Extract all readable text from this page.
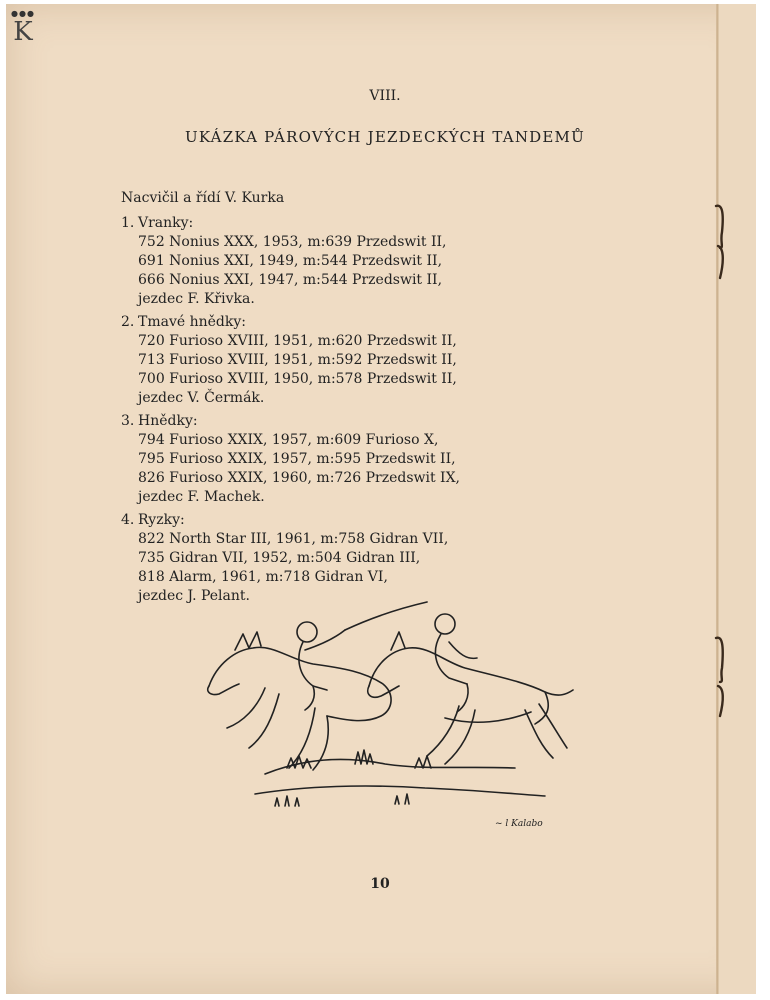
●●●
K
VIII.
UKÁZKA PÁROVÝCH JEZDECKÝCH TANDEMŮ
Nacvičil a řídí V. Kurka
1. Vranky:
752 Nonius XXX, 1953, m:639 Przedswit II,
691 Nonius XXI, 1949, m:544 Przedswit II,
666 Nonius XXI, 1947, m:544 Przedswit II,
jezdec F. Křivka.
2. Tmavé hnědky:
720 Furioso XVIII, 1951, m:620 Przedswit II,
713 Furioso XVIII, 1951, m:592 Przedswit II,
700 Furioso XVIII, 1950, m:578 Przedswit II,
jezdec V. Čermák.
3. Hnědky:
794 Furioso XXIX, 1957, m:609 Furioso X,
795 Furioso XXIX, 1957, m:595 Przedswit II,
826 Furioso XXIX, 1960, m:726 Przedswit IX,
jezdec F. Machek.
4. Ryzky:
822 North Star III, 1961, m:758 Gidran VII,
735 Gidran VII, 1952, m:504 Gidran III,
818 Alarm, 1961, m:718 Gidran VI,
jezdec J. Pelant.
~ l Kalabo
10
